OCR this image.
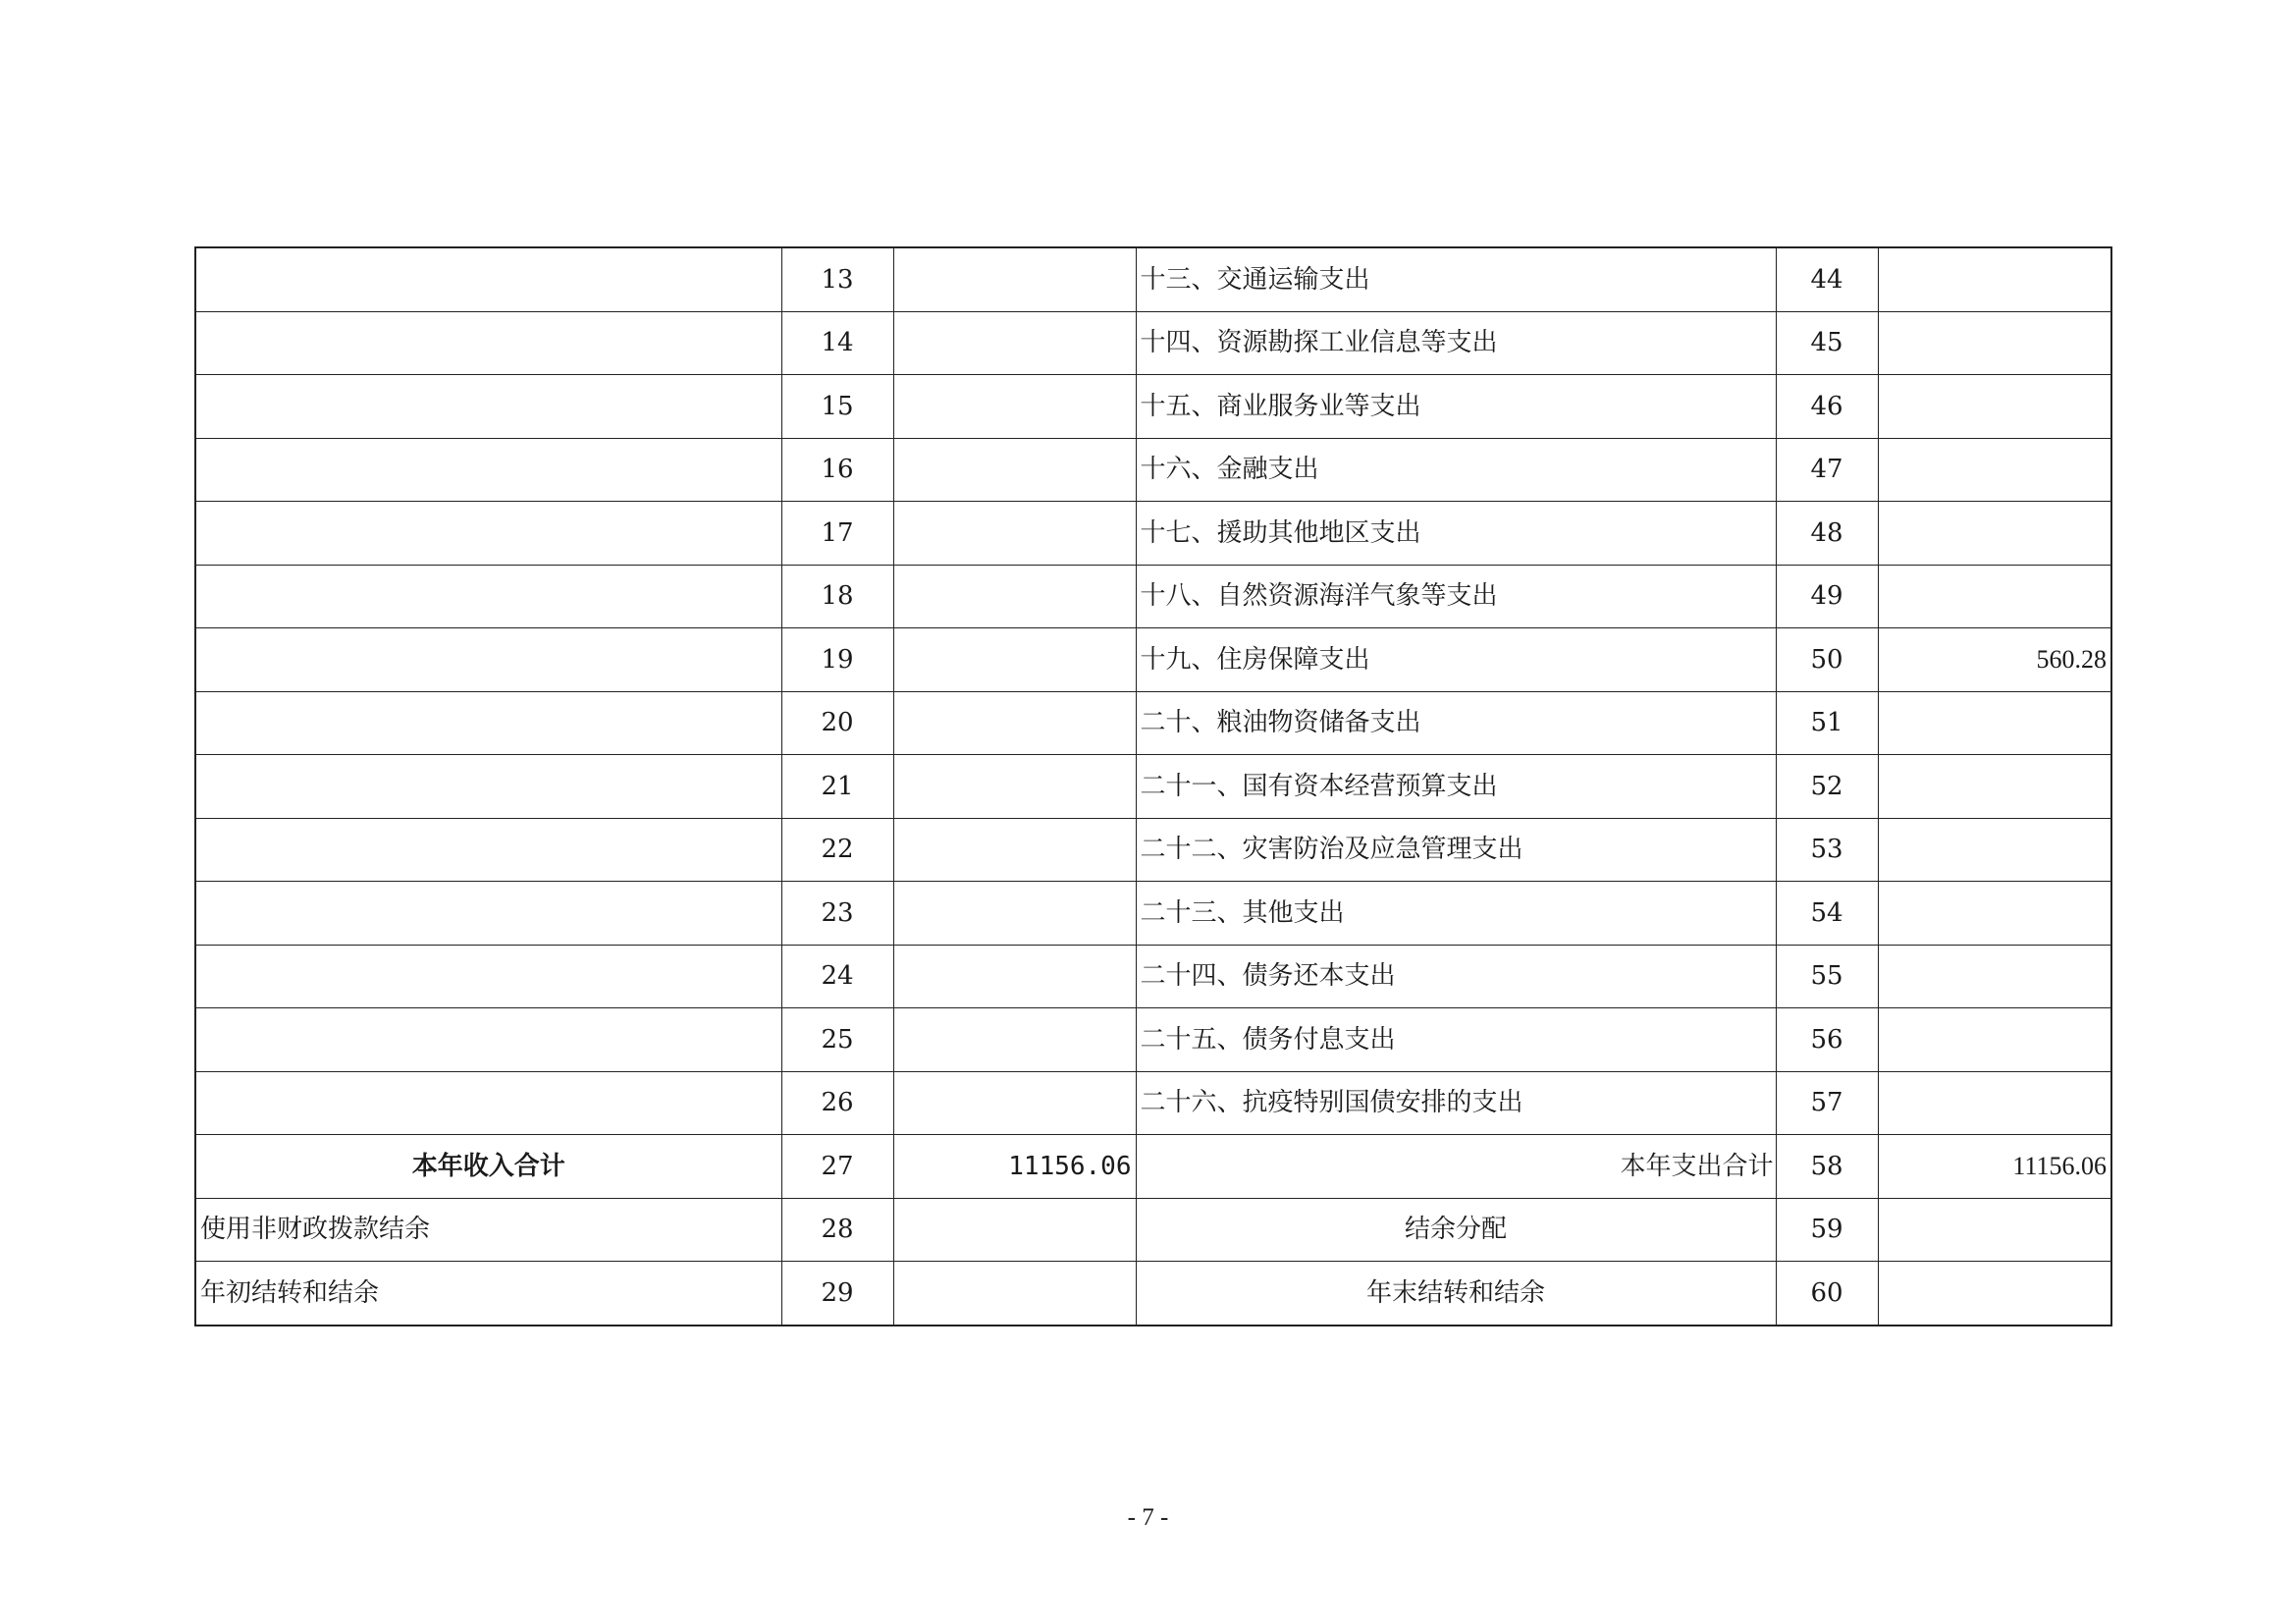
	13		十三、交通运输支出	44	
	14		十四、资源勘探工业信息等支出	45	
	15		十五、商业服务业等支出	46	
	16		十六、金融支出	47	
	17		十七、援助其他地区支出	48	
	18		十八、自然资源海洋气象等支出	49	
	19		十九、住房保障支出	50	560.28
	20		二十、粮油物资储备支出	51	
	21		二十一、国有资本经营预算支出	52	
	22		二十二、灾害防治及应急管理支出	53	
	23		二十三、其他支出	54	
	24		二十四、债务还本支出	55	
	25		二十五、债务付息支出	56	
	26		二十六、抗疫特别国债安排的支出	57	
本年收入合计	27	11156.06	本年支出合计	58	11156.06
使用非财政拨款结余	28		结余分配	59	
年初结转和结余	29		年末结转和结余	60	
- 7 -
